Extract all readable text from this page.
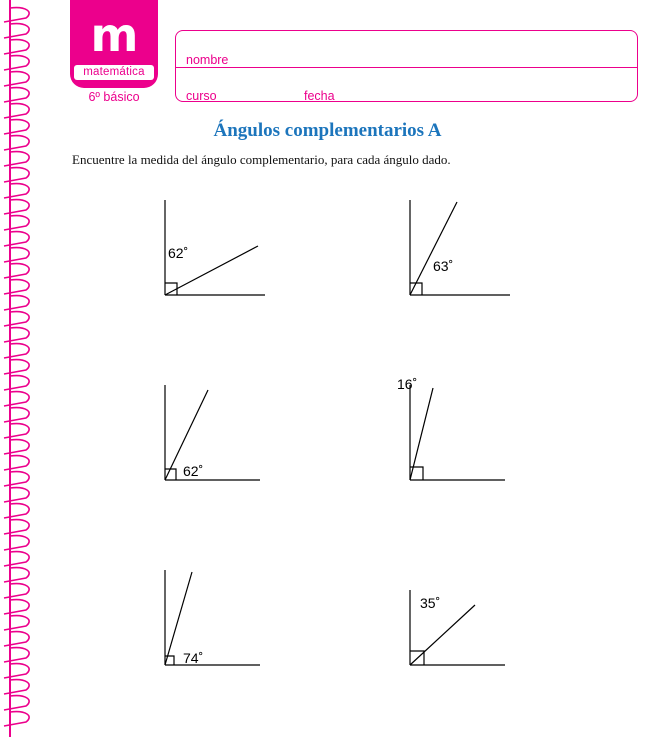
m
matemática
6º básico
nombre
curso	fecha
Ángulos complementarios A
Encuentre la medida del ángulo complementario, para cada ángulo dado.
62˚
63˚
62˚
16˚
74˚
35˚
